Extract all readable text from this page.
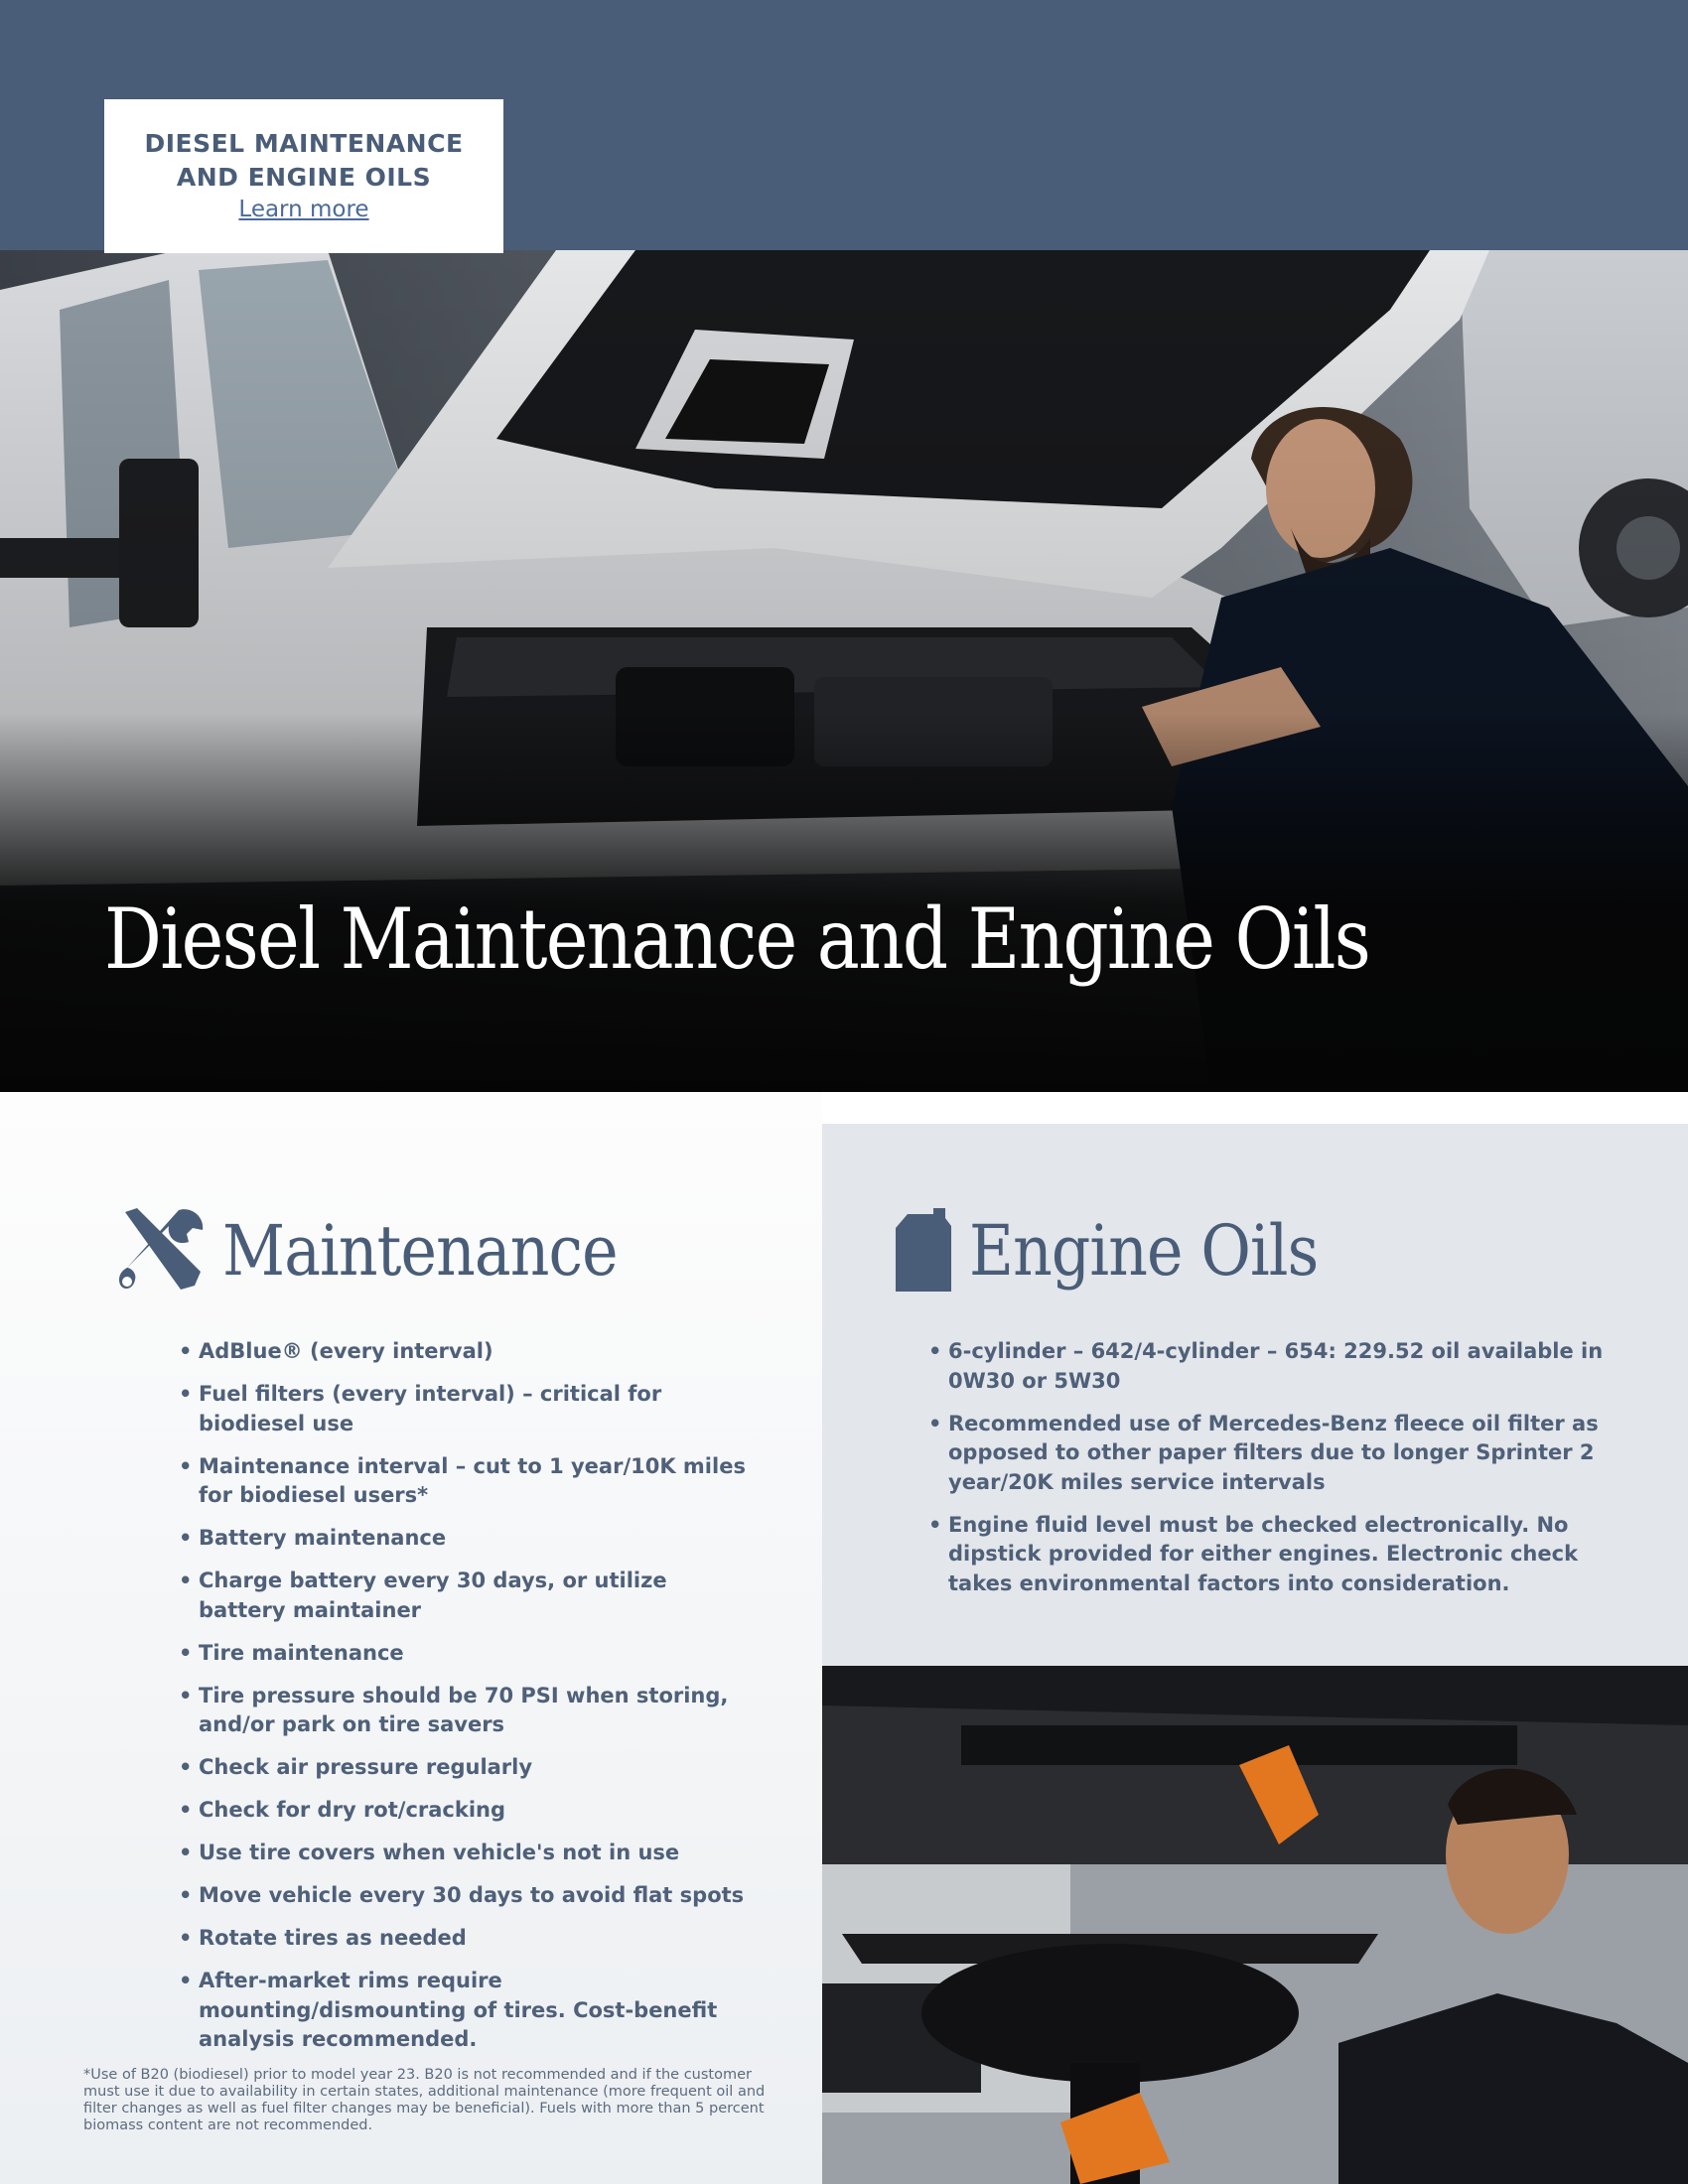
DIESEL MAINTENANCE
AND ENGINE OILS
Learn more
Diesel Maintenance and Engine Oils
Maintenance
• AdBlue® (every interval)
• Fuel filters (every interval) – critical for biodiesel use
• Maintenance interval – cut to 1 year/10K miles for biodiesel users*
• Battery maintenance
• Charge battery every 30 days, or utilize battery maintainer
• Tire maintenance
• Tire pressure should be 70 PSI when storing, and/or park on tire savers
• Check air pressure regularly
• Check for dry rot/cracking
• Use tire covers when vehicle's not in use
• Move vehicle every 30 days to avoid flat spots
• Rotate tires as needed
• After-market rims require mounting/dismounting of tires. Cost-benefit analysis recommended.

*Use of B20 (biodiesel) prior to model year 23. B20 is not recommended and if the customer must use it due to availability in certain states, additional maintenance (more frequent oil and filter changes as well as fuel filter changes may be beneficial). Fuels with more than 5 percent biomass content are not recommended.

Engine Oils
• 6-cylinder – 642/4-cylinder – 654: 229.52 oil available in 0W30 or 5W30
• Recommended use of Mercedes-Benz fleece oil filter as opposed to other paper filters due to longer Sprinter 2 year/20K miles service intervals
• Engine fluid level must be checked electronically. No dipstick provided for either engines. Electronic check takes environmental factors into consideration.
